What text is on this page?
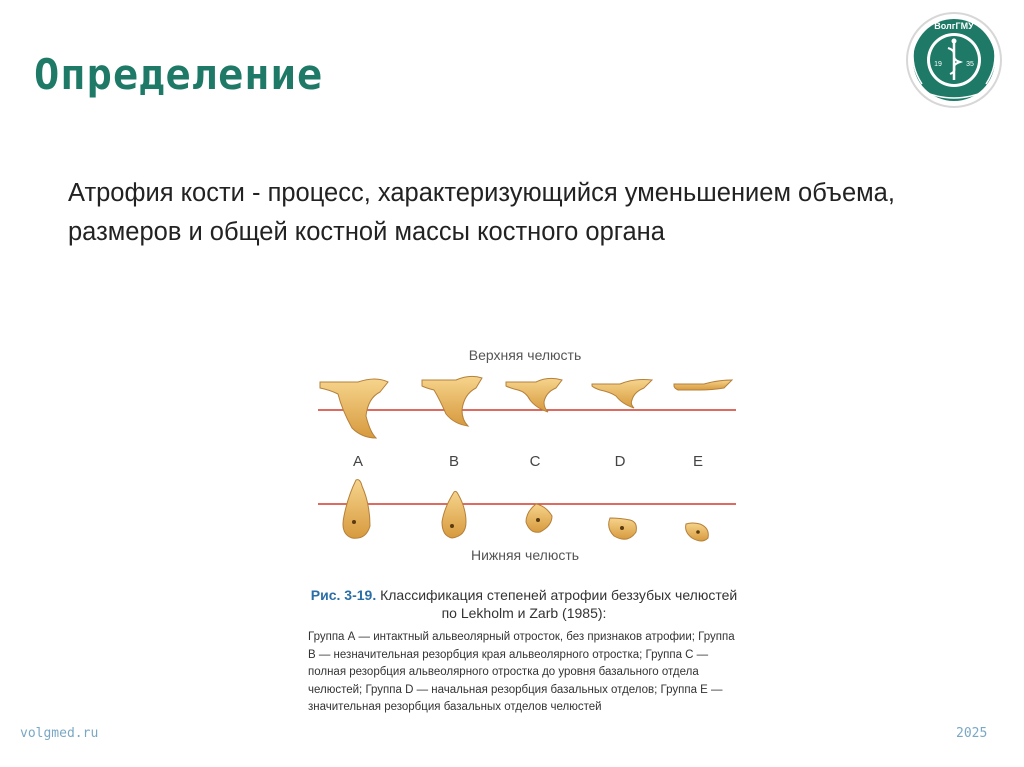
Определение
ВолгГМУ
19	35
Атрофия кости - процесс, характеризующийся уменьшением объема, размеров и общей костной массы костного органа
Верхняя челюсть
A	B	C	D	E
Нижняя челюсть
Рис. 3-19. Классификация степеней атрофии беззубых челюстей по Lekholm и Zarb (1985):
Группа А — интактный альвеолярный отросток, без признаков атрофии; Группа В — незначительная резорбция края альвеолярного отростка; Группа С — полная резорбция альвеолярного отростка до уровня базального отдела челюстей; Группа D — начальная резорбция базальных отделов; Группа Е — значительная резорбция базальных отделов челюстей
volgmed.ru	2025
